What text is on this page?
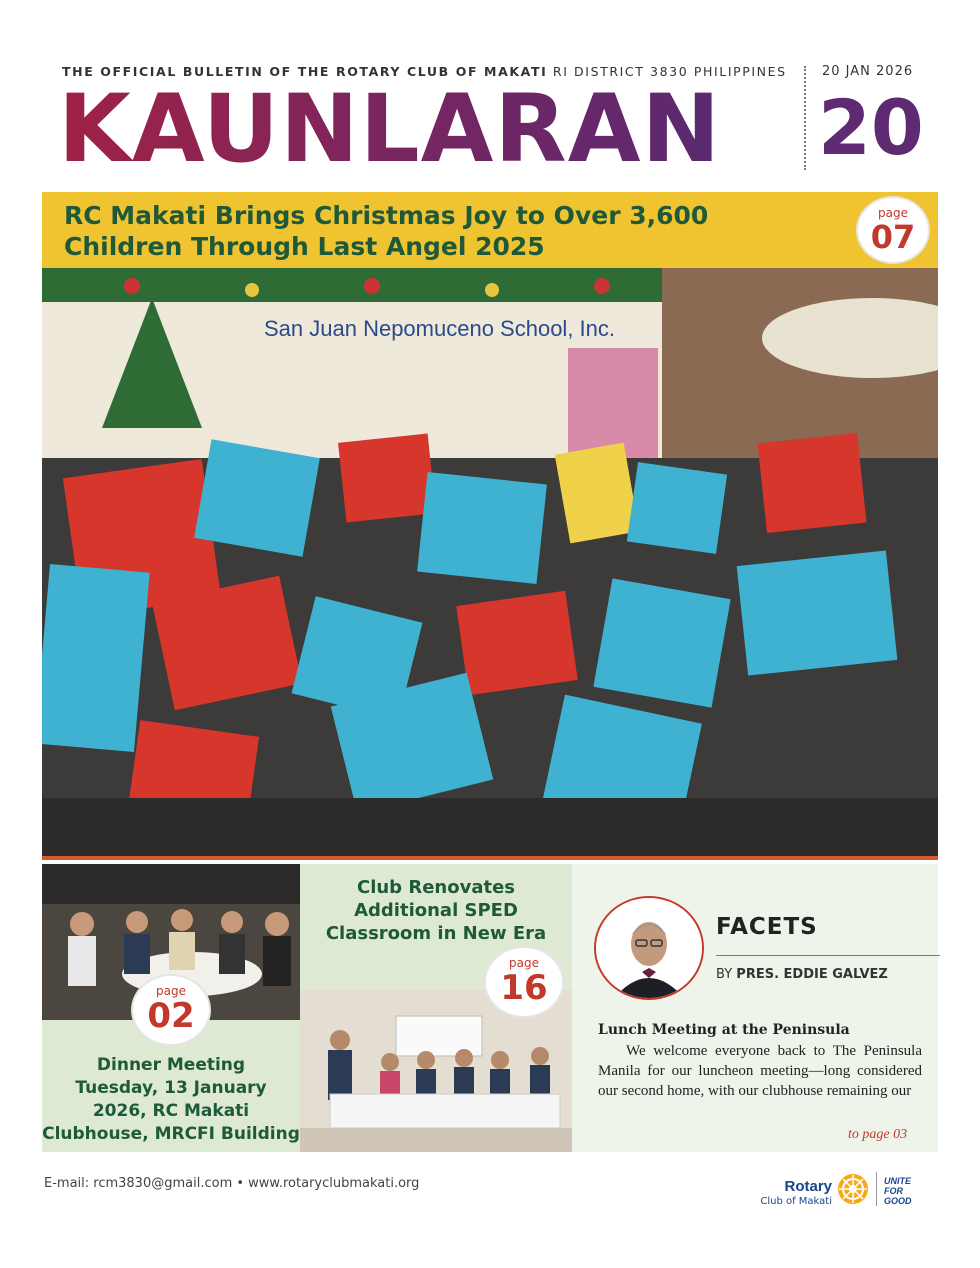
THE OFFICIAL BULLETIN OF THE ROTARY CLUB OF MAKATI RI DISTRICT 3830 PHILIPPINES	20 JAN 2026
KAUNLARAN 20
RC Makati Brings Christmas Joy to Over 3,600 Children Through Last Angel 2025
page
07
San Juan Nepomuceno School, Inc.
page
02
Dinner Meeting
Tuesday, 13 January
2026, RC Makati
Clubhouse, MRCFI Building
Club Renovates
Additional SPED
Classroom in New Era
page
16
FACETS
BY PRES. EDDIE GALVEZ
Lunch Meeting at the Peninsula
We welcome everyone back to The Peninsula Manila for our luncheon meeting—long considered our second home, with our clubhouse remaining our
to page 03
E-mail: rcm3830@gmail.com • www.rotaryclubmakati.org	Rotary
Club of Makati
UNITE
FOR
GOOD
